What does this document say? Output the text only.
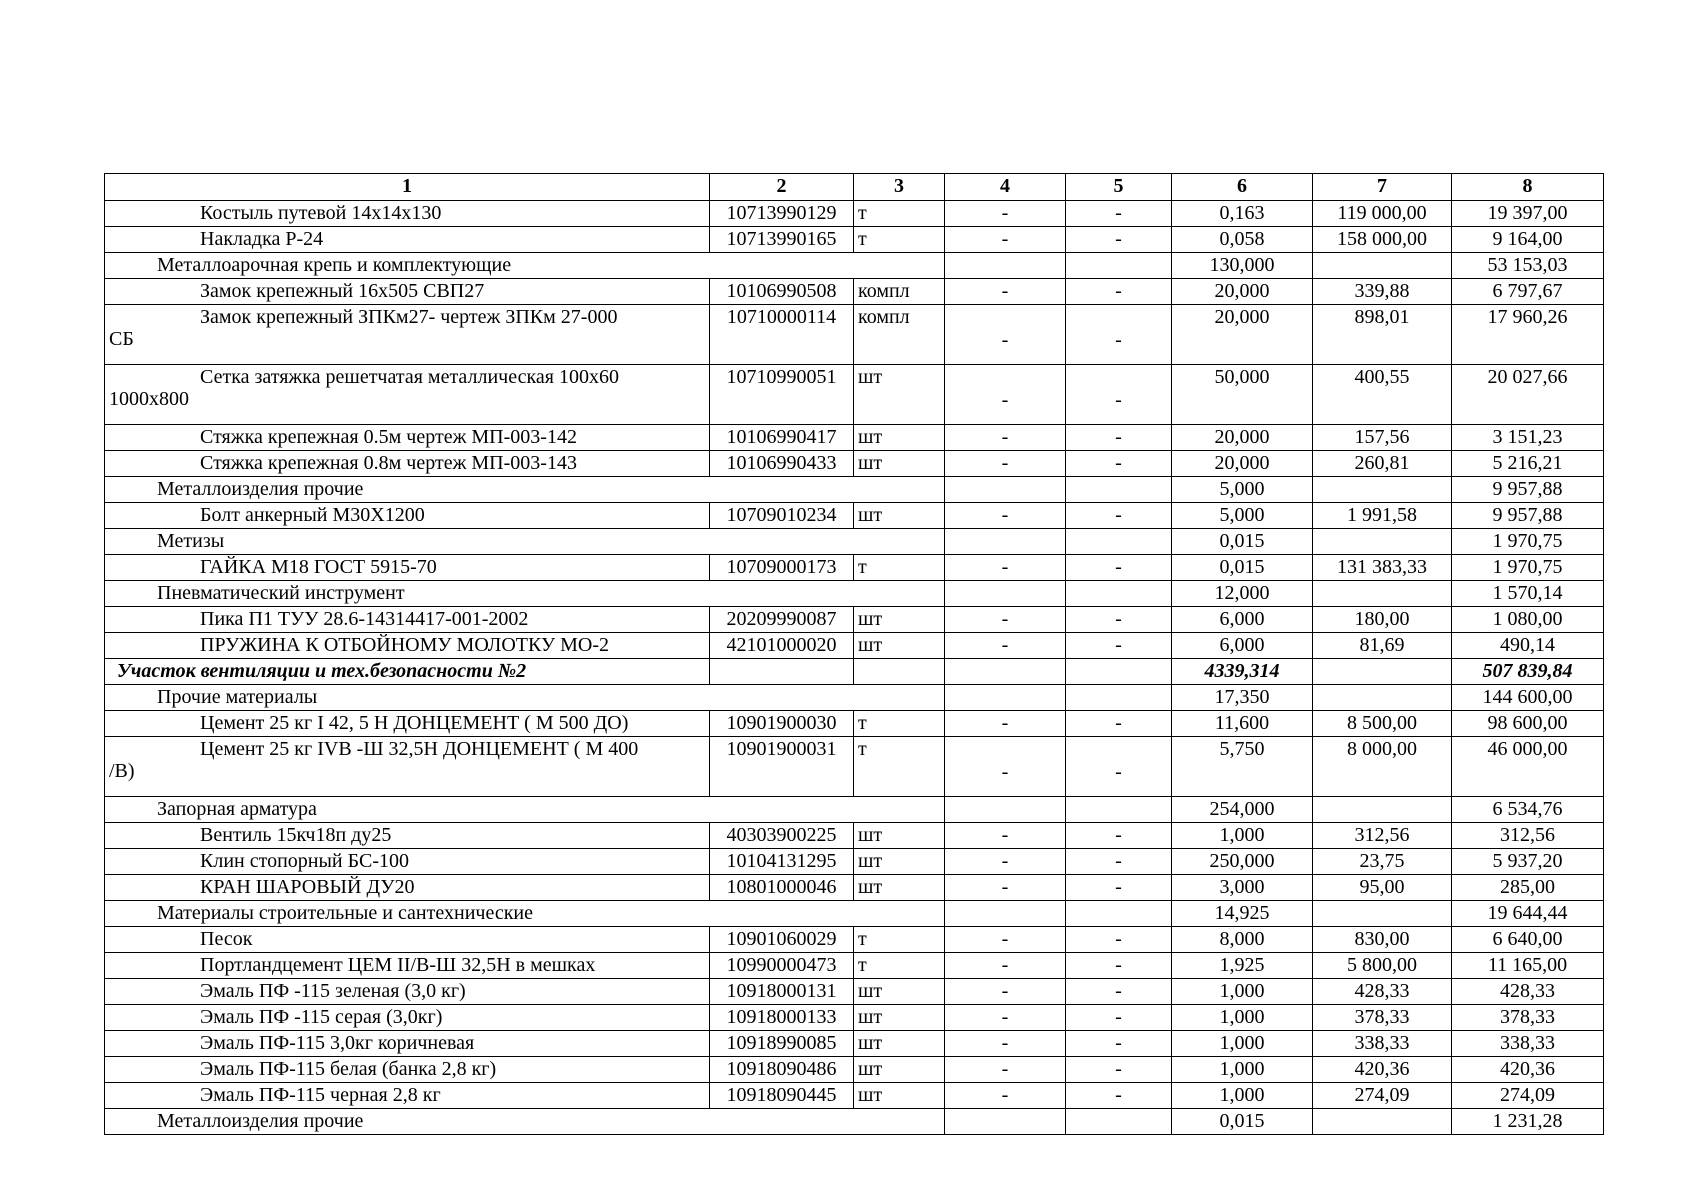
1	2	3	4	5	6	7	8
Костыль путевой 14х14х130	10713990129	т	-	-	0,163	119 000,00	19 397,00
Накладка Р-24	10713990165	т	-	-	0,058	158 000,00	9 164,00
Металлоарочная крепь и комплектующие					130,000		53 153,03
Замок крепежный 16х505 СВП27	10106990508	компл	-	-	20,000	339,88	6 797,67
Замок крепежный ЗПКм27- чертеж ЗПКм 27-000
СБ	10710000114	компл	-	-	20,000	898,01	17 960,26
Сетка затяжка решетчатая металлическая 100х60
1000х800	10710990051	шт	-	-	50,000	400,55	20 027,66
Стяжка крепежная 0.5м чертеж МП-003-142	10106990417	шт	-	-	20,000	157,56	3 151,23
Стяжка крепежная 0.8м чертеж МП-003-143	10106990433	шт	-	-	20,000	260,81	5 216,21
Металлоизделия прочие					5,000		9 957,88
Болт анкерный М30Х1200	10709010234	шт	-	-	5,000	1 991,58	9 957,88
Метизы					0,015		1 970,75
ГАЙКА М18 ГОСТ 5915-70	10709000173	т	-	-	0,015	131 383,33	1 970,75
Пневматический инструмент					12,000		1 570,14
Пика П1 ТУУ 28.6-14314417-001-2002	20209990087	шт	-	-	6,000	180,00	1 080,00
ПРУЖИНА К ОТБОЙНОМУ МОЛОТКУ МО-2	42101000020	шт	-	-	6,000	81,69	490,14
Участок вентиляции и тех.безопасности №2					4339,314		507 839,84
Прочие материалы					17,350		144 600,00
Цемент 25 кг I 42, 5 Н ДОНЦЕМЕНТ ( М 500 ДО)	10901900030	т	-	-	11,600	8 500,00	98 600,00
Цемент 25 кг IVB -Ш 32,5Н ДОНЦЕМЕНТ ( М 400
/В)	10901900031	т	-	-	5,750	8 000,00	46 000,00
Запорная арматура					254,000		6 534,76
Вентиль 15кч18п ду25	40303900225	шт	-	-	1,000	312,56	312,56
Клин стопорный БС-100	10104131295	шт	-	-	250,000	23,75	5 937,20
КРАН ШАРОВЫЙ ДУ20	10801000046	шт	-	-	3,000	95,00	285,00
Материалы строительные и сантехнические					14,925		19 644,44
Песок	10901060029	т	-	-	8,000	830,00	6 640,00
Портландцемент ЦЕМ II/В-Ш 32,5Н в мешках	10990000473	т	-	-	1,925	5 800,00	11 165,00
Эмаль ПФ -115 зеленая (3,0 кг)	10918000131	шт	-	-	1,000	428,33	428,33
Эмаль ПФ -115 серая (3,0кг)	10918000133	шт	-	-	1,000	378,33	378,33
Эмаль ПФ-115 3,0кг коричневая	10918990085	шт	-	-	1,000	338,33	338,33
Эмаль ПФ-115 белая (банка 2,8 кг)	10918090486	шт	-	-	1,000	420,36	420,36
Эмаль ПФ-115 черная 2,8 кг	10918090445	шт	-	-	1,000	274,09	274,09
Металлоизделия прочие					0,015		1 231,28
